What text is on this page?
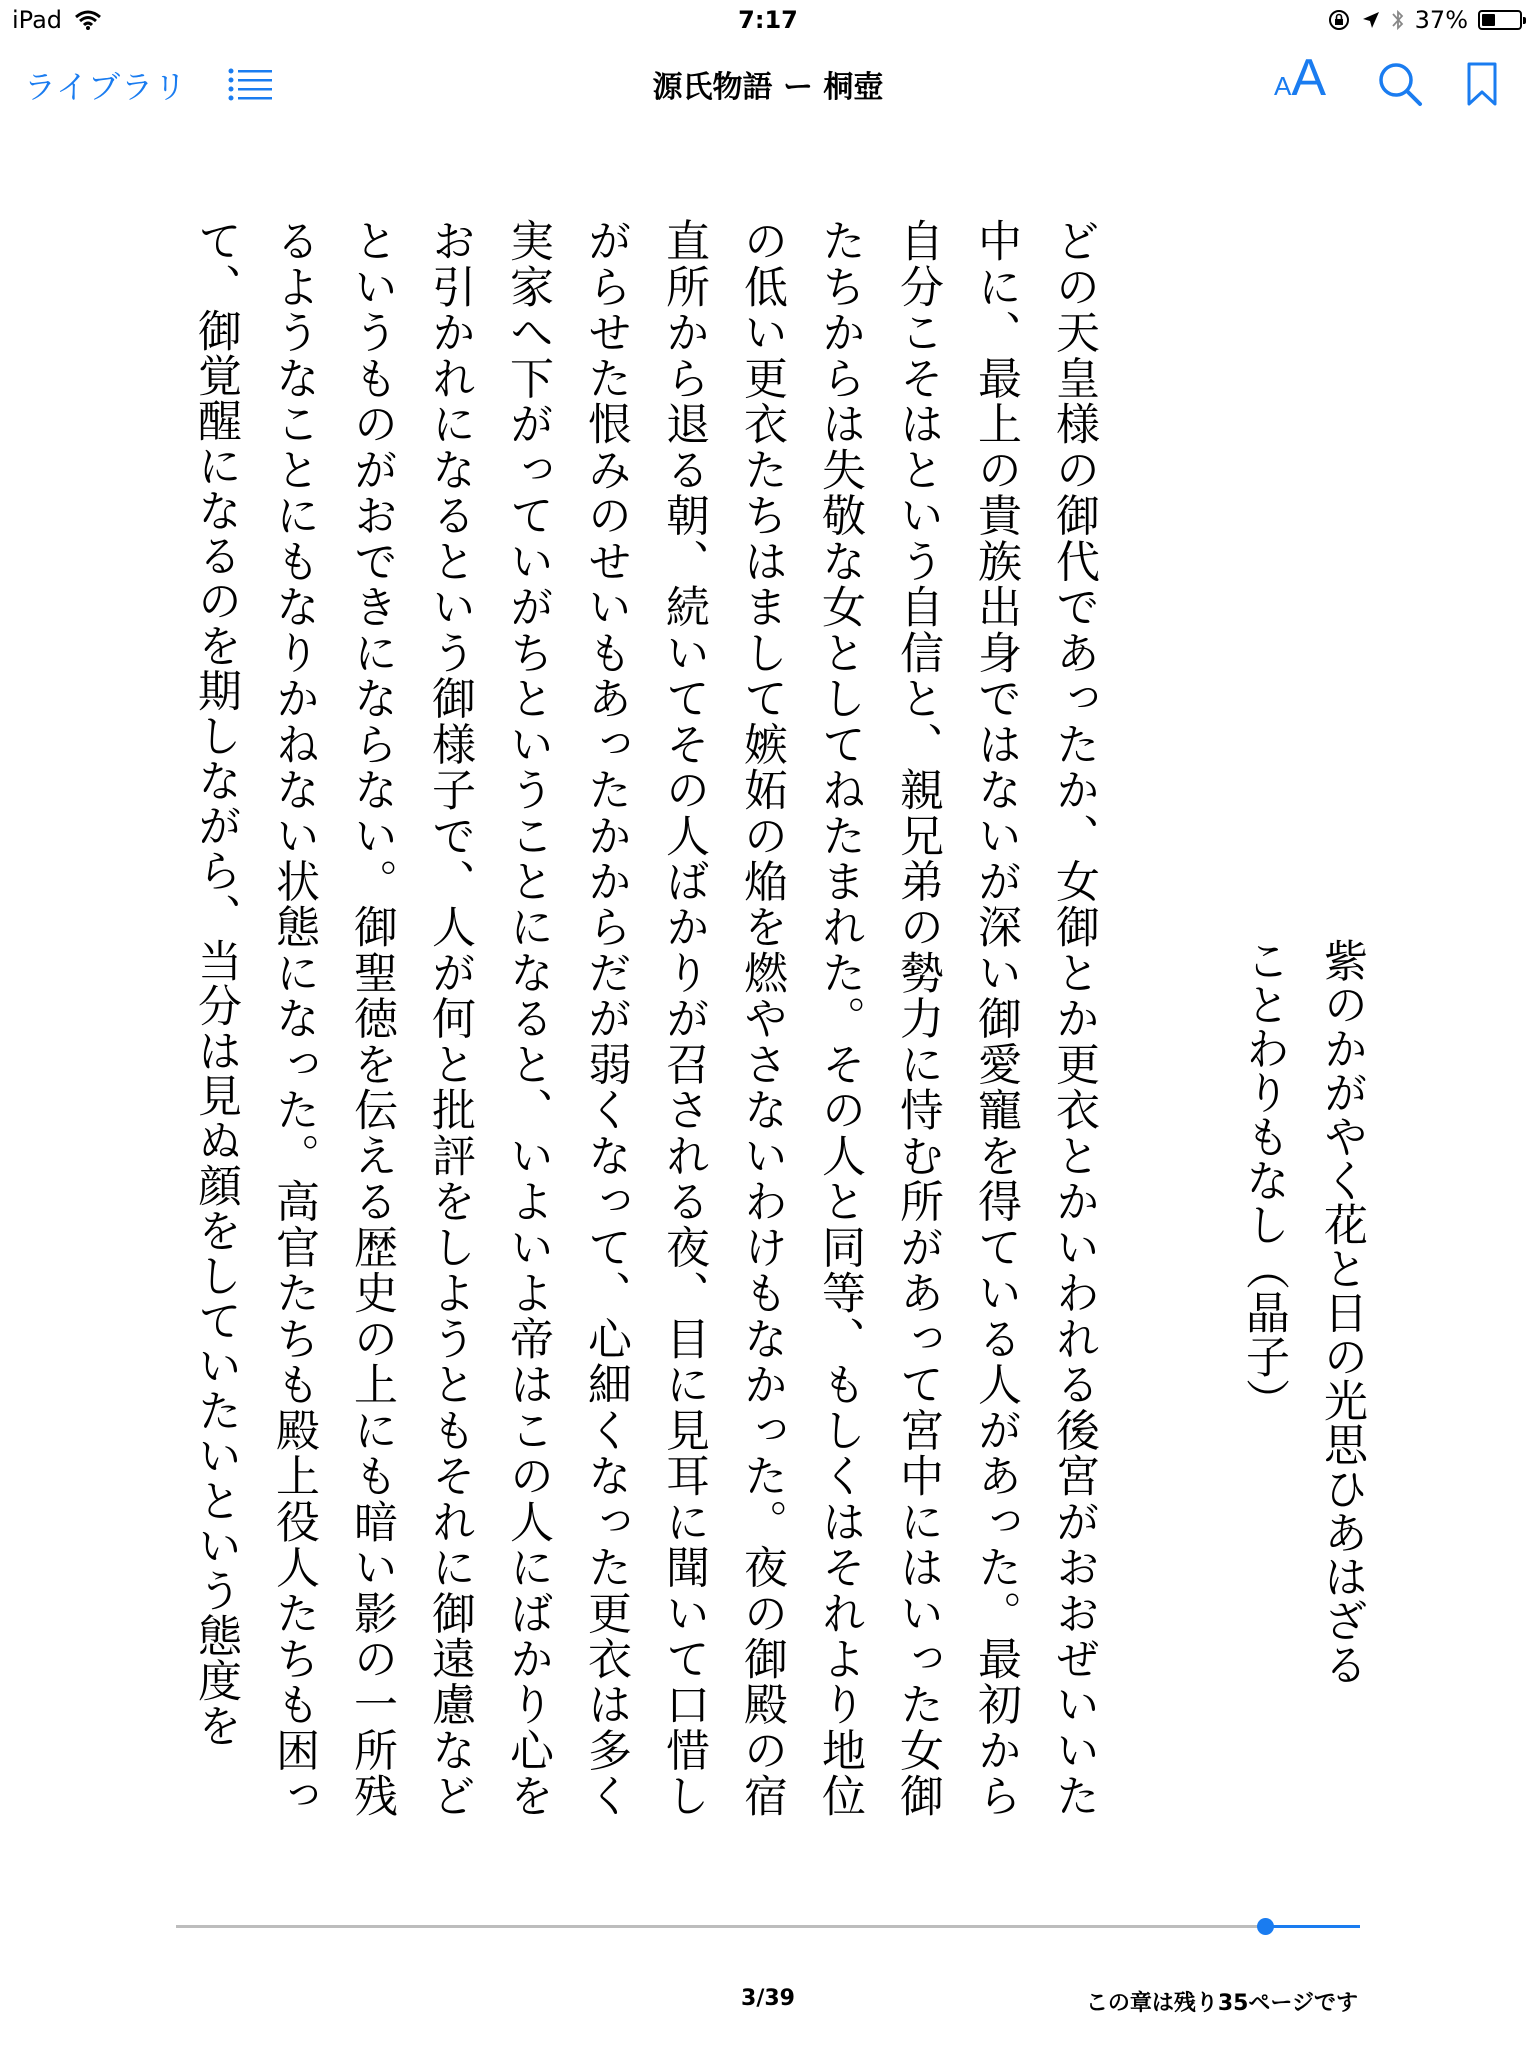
iPad	7:17	37%
ライブラリ	源氏物語 ー 桐壺	AA
紫のかがやく花と日の光思ひあはざる
ことわりもなし（晶子）
どの天皇様の御代であったか、女御とか更衣とかいわれる後宮がおおぜいいた中に、最上の貴族出身ではないが深い御愛寵を得ている人があった。最初から自分こそはという自信と、親兄弟の勢力に恃む所があって宮中にはいった女御たちからは失敬な女としてねたまれた。その人と同等、もしくはそれより地位の低い更衣たちはまして嫉妬の焔を燃やさないわけもなかった。夜の御殿の宿直所から退る朝、続いてその人ばかりが召される夜、目に見耳に聞いて口惜しがらせた恨みのせいもあったかからだが弱くなって、心細くなった更衣は多く実家へ下がっていがちということになると、いよいよ帝はこの人にばかり心をお引かれになるという御様子で、人が何と批評をしようともそれに御遠慮などというものがおできにならない。御聖徳を伝える歴史の上にも暗い影の一所残るようなことにもなりかねない状態になった。高官たちも殿上役人たちも困って、御覚醒になるのを期しながら、当分は見ぬ顔をしていたいという態度を
3/39	この章は残り35ページです
